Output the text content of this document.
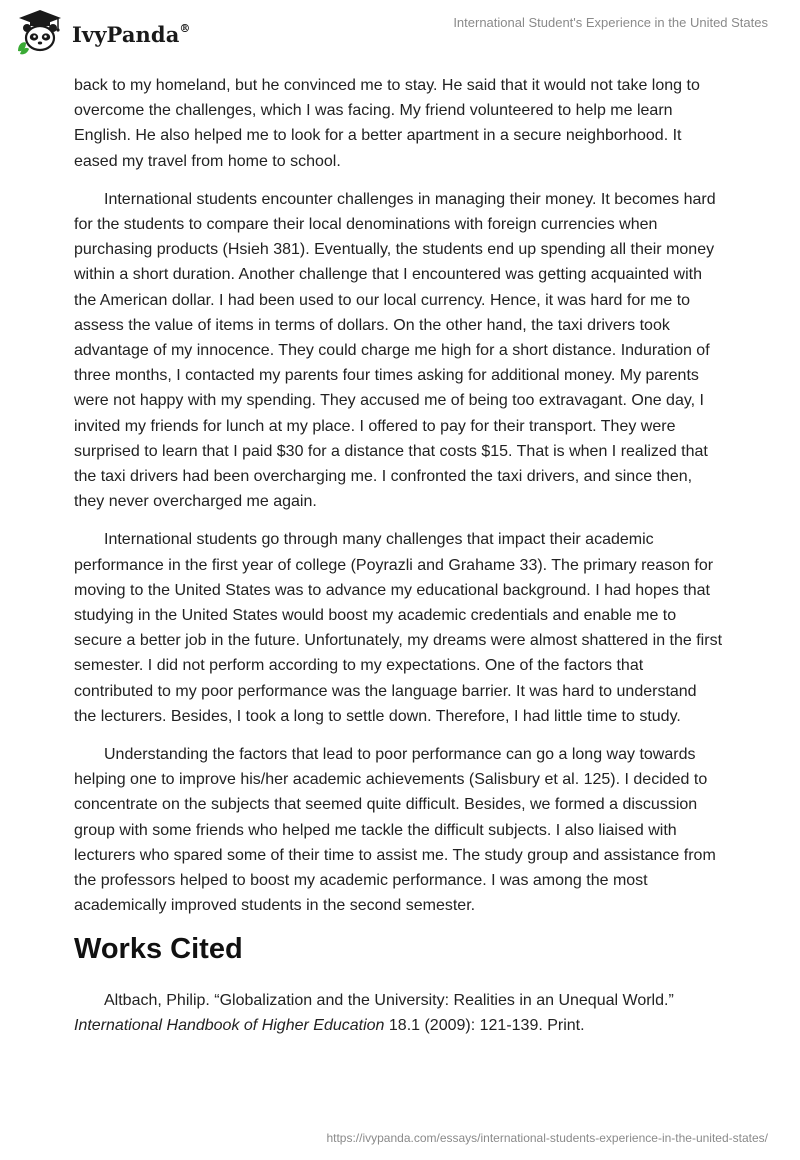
IvyPanda®	International Student's Experience in the United States

back to my homeland, but he convinced me to stay. He said that it would not take long to overcome the challenges, which I was facing. My friend volunteered to help me learn English. He also helped me to look for a better apartment in a secure neighborhood. It eased my travel from home to school.

International students encounter challenges in managing their money. It becomes hard for the students to compare their local denominations with foreign currencies when purchasing products (Hsieh 381). Eventually, the students end up spending all their money within a short duration. Another challenge that I encountered was getting acquainted with the American dollar. I had been used to our local currency. Hence, it was hard for me to assess the value of items in terms of dollars. On the other hand, the taxi drivers took advantage of my innocence. They could charge me high for a short distance. Induration of three months, I contacted my parents four times asking for additional money. My parents were not happy with my spending. They accused me of being too extravagant. One day, I invited my friends for lunch at my place. I offered to pay for their transport. They were surprised to learn that I paid $30 for a distance that costs $15. That is when I realized that the taxi drivers had been overcharging me. I confronted the taxi drivers, and since then, they never overcharged me again.

International students go through many challenges that impact their academic performance in the first year of college (Poyrazli and Grahame 33). The primary reason for moving to the United States was to advance my educational background. I had hopes that studying in the United States would boost my academic credentials and enable me to secure a better job in the future. Unfortunately, my dreams were almost shattered in the first semester. I did not perform according to my expectations. One of the factors that contributed to my poor performance was the language barrier. It was hard to understand the lecturers. Besides, I took a long to settle down. Therefore, I had little time to study.

Understanding the factors that lead to poor performance can go a long way towards helping one to improve his/her academic achievements (Salisbury et al. 125). I decided to concentrate on the subjects that seemed quite difficult. Besides, we formed a discussion group with some friends who helped me tackle the difficult subjects. I also liaised with lecturers who spared some of their time to assist me. The study group and assistance from the professors helped to boost my academic performance. I was among the most academically improved students in the second semester.

Works Cited

Altbach, Philip. “Globalization and the University: Realities in an Unequal World.” International Handbook of Higher Education 18.1 (2009): 121-139. Print.

https://ivypanda.com/essays/international-students-experience-in-the-united-states/
